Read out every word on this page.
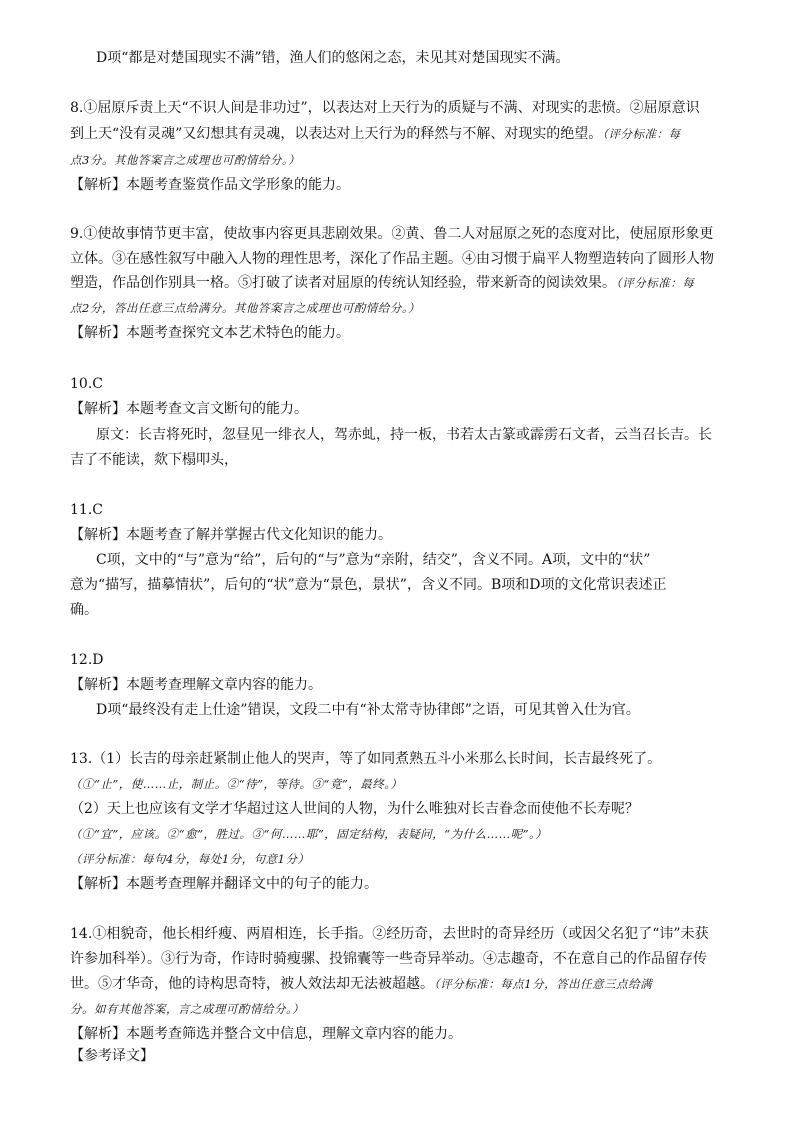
D项“都是对楚国现实不满”错，渔人们的悠闲之态，未见其对楚国现实不满。
8.①屈原斥责上天“不识人间是非功过”，以表达对上天行为的质疑与不满、对现实的悲愤。②屈原意识
到上天“没有灵魂”又幻想其有灵魂，以表达对上天行为的释然与不解、对现实的绝望。（评分标准：每
点3分。其他答案言之成理也可酌情给分。）
【解析】本题考查鉴赏作品文学形象的能力。
9.①使故事情节更丰富，使故事内容更具悲剧效果。②黄、鲁二人对屈原之死的态度对比，使屈原形象更
立体。③在感性叙写中融入人物的理性思考，深化了作品主题。④由习惯于扁平人物塑造转向了圆形人物
塑造，作品创作别具一格。⑤打破了读者对屈原的传统认知经验，带来新奇的阅读效果。（评分标准：每
点2分，答出任意三点给满分。其他答案言之成理也可酌情给分。）
【解析】本题考查探究文本艺术特色的能力。
10.C
【解析】本题考查文言文断句的能力。
原文：长吉将死时，忽昼见一绯衣人，驾赤虬，持一板，书若太古篆或霹雳石文者，云当召长吉。长
吉了不能读，欻下榻叩头，
11.C
【解析】本题考查了解并掌握古代文化知识的能力。
C项，文中的“与”意为“给”，后句的“与”意为“亲附，结交”，含义不同。A项，文中的“状”
意为“描写，描摹情状”，后句的“状”意为“景色，景状”，含义不同。B项和D项的文化常识表述正
确。
12.D
【解析】本题考查理解文章内容的能力。
D项“最终没有走上仕途”错误，文段二中有“补太常寺协律郎”之语，可见其曾入仕为官。
13.（1）长吉的母亲赶紧制止他人的哭声，等了如同煮熟五斗小米那么长时间，长吉最终死了。
（①“止”，使……止，制止。②“待”，等待。③“竟”，最终。）
（2）天上也应该有文学才华超过这人世间的人物，为什么唯独对长吉眷念而使他不长寿呢？
（①“宜”，应该。②“愈”，胜过。③“何……耶”，固定结构，表疑问，“为什么……呢”。）
（评分标准：每句4分，每处1分，句意1分）
【解析】本题考查理解并翻译文中的句子的能力。
14.①相貌奇，他长相纤瘦、两眉相连，长手指。②经历奇，去世时的奇异经历（或因父名犯了“讳”未获
许参加科举）。③行为奇，作诗时骑瘦骡、投锦囊等一些奇异举动。④志趣奇，不在意自己的作品留存传
世。⑤才华奇，他的诗构思奇特，被人效法却无法被超越。（评分标准：每点1分，答出任意三点给满
分。如有其他答案，言之成理可酌情给分。）
【解析】本题考查筛选并整合文中信息，理解文章内容的能力。
【参考译文】
